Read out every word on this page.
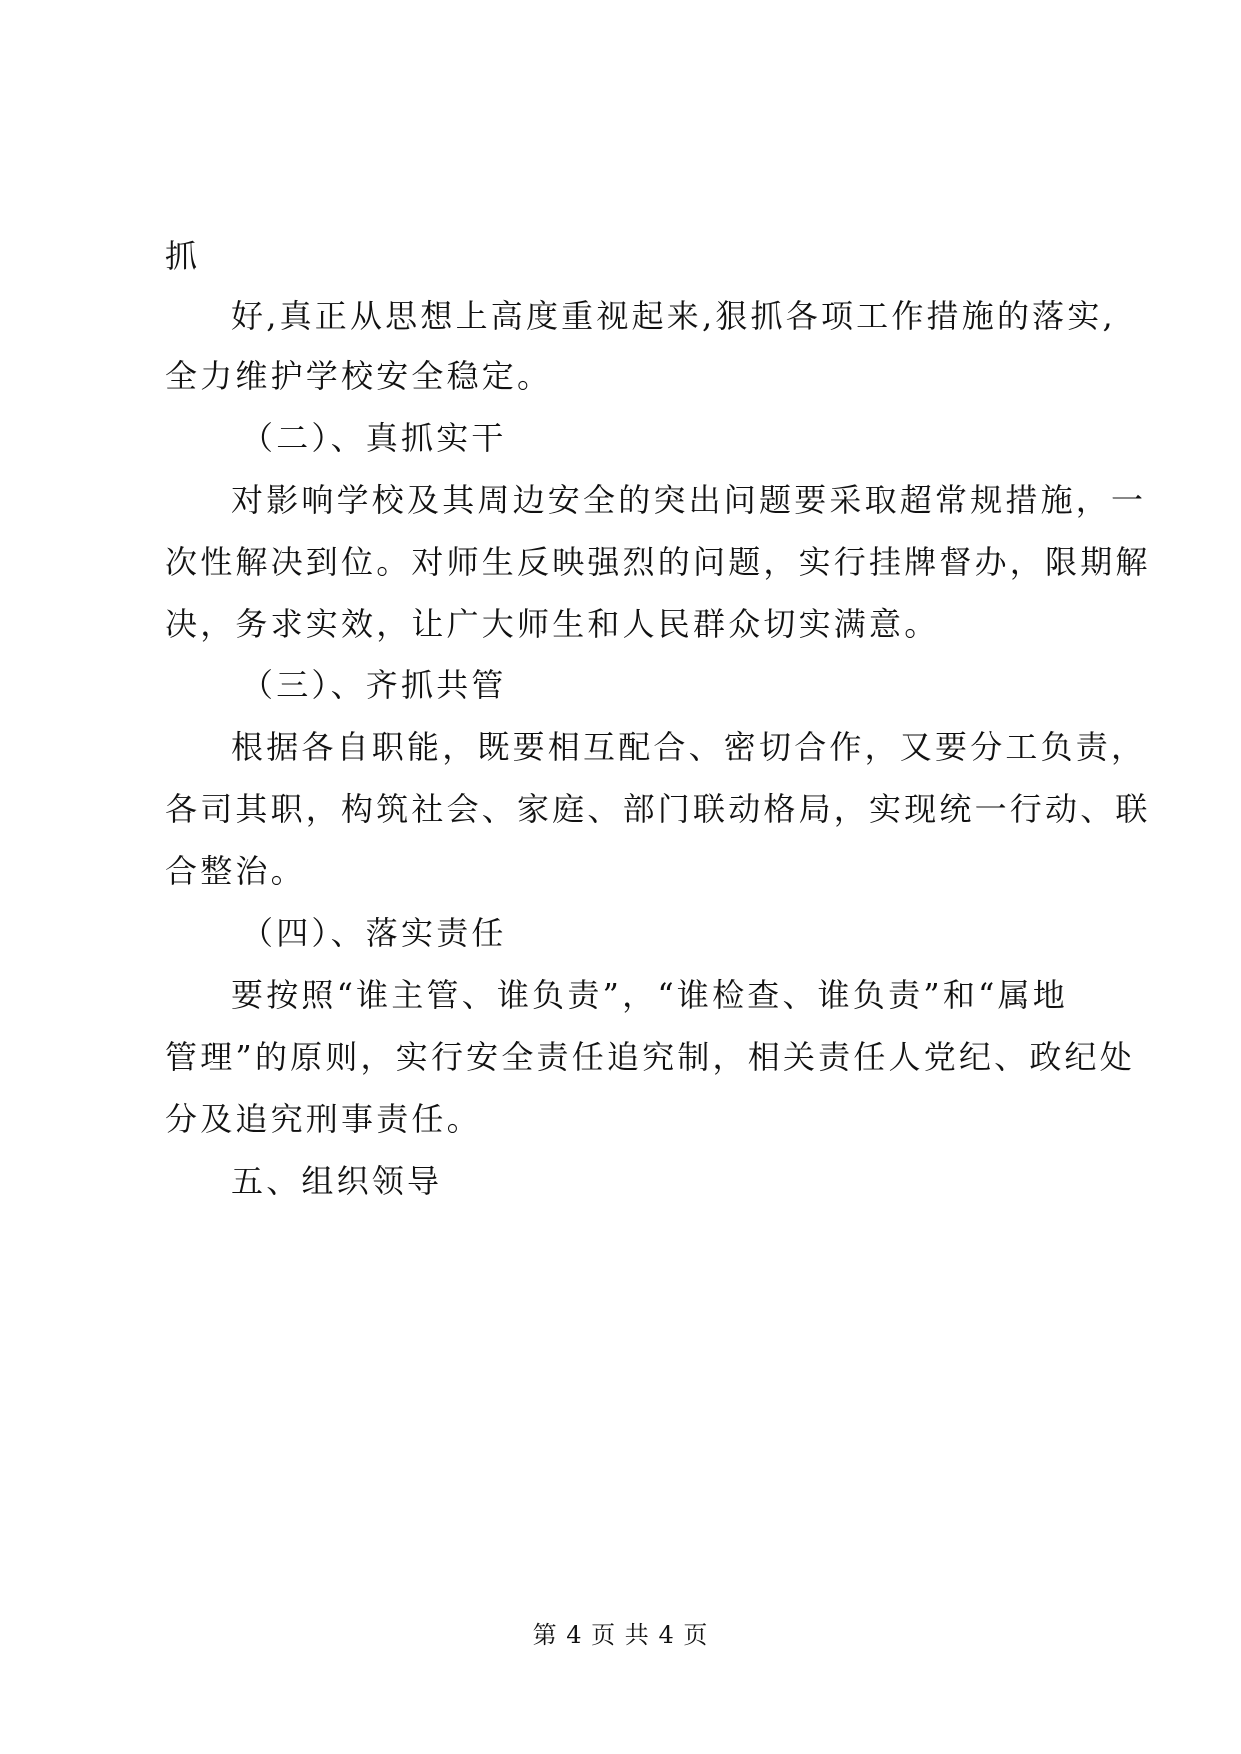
抓
好,真正从思想上高度重视起来,狠抓各项工作措施的落实,
全力维护学校安全稳定。
（二）、真抓实干
对影响学校及其周边安全的突出问题要采取超常规措施，一
次性解决到位。对师生反映强烈的问题，实行挂牌督办，限期解
决，务求实效，让广大师生和人民群众切实满意。
（三）、齐抓共管
根据各自职能，既要相互配合、密切合作，又要分工负责，
各司其职，构筑社会、家庭、部门联动格局，实现统一行动、联
合整治。
（四）、落实责任
要按照“谁主管、谁负责”，“谁检查、谁负责”和“属地
管理”的原则，实行安全责任追究制，相关责任人党纪、政纪处
分及追究刑事责任。
五、组织领导
第 4 页 共 4 页
